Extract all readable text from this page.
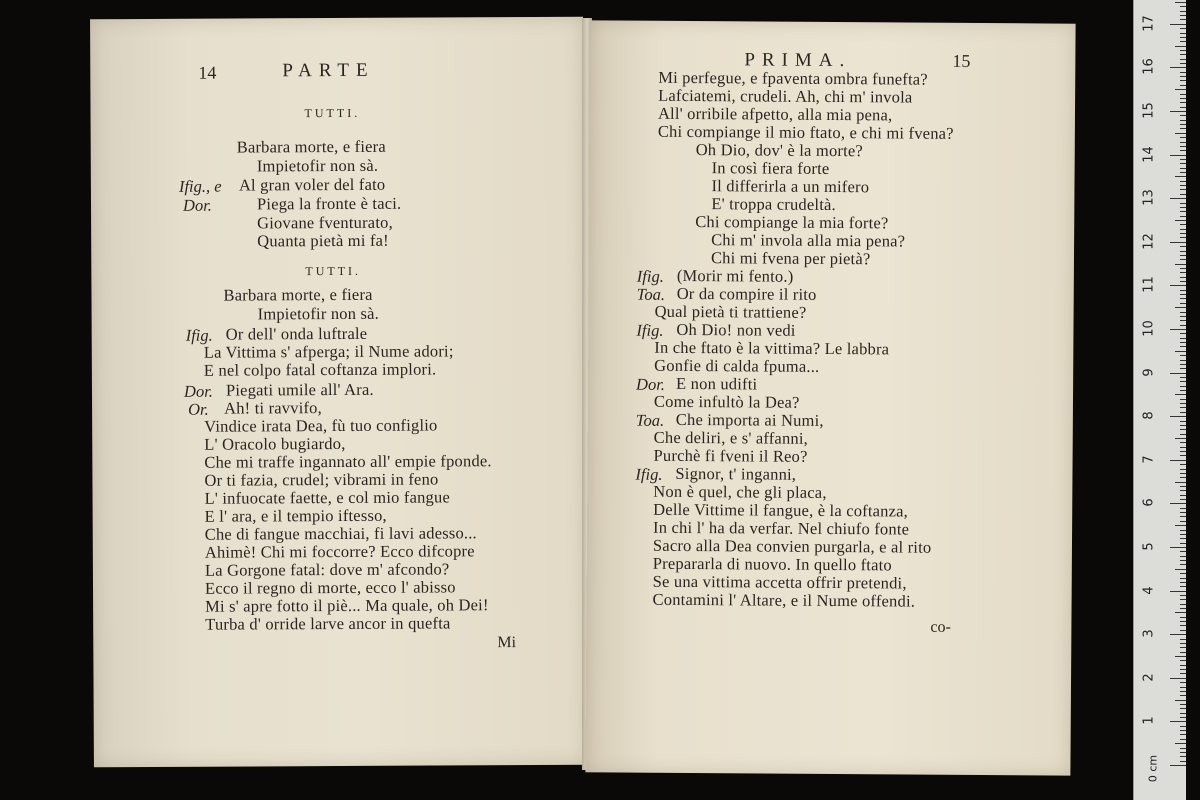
14	PARTE
TUTTI.
Barbara morte, e fiera
Impietofir non sà.
Ifig., e Al gran voler del fato
Dor.	Piega la fronte è taci.
Giovane fventurato,
Quanta pietà mi fa!
TUTTI.
Barbara morte, e fiera
Impietofir non sà.
Ifig. Or dell' onda luftrale
La Vittima s' afperga; il Nume adori;
E nel colpo fatal coftanza implori.
Dor. Piegati umile all' Ara.
Or. Ah! ti ravvifo,
Vindice irata Dea, fù tuo configlio
L' Oracolo bugiardo,
Che mi traffe ingannato all' empie fponde.
Or ti fazia, crudel; vibrami in feno
L' infuocate faette, e col mio fangue
E l' ara, e il tempio iftesso,
Che di fangue macchiai, fi lavi adesso...
Ahimè! Chi mi foccorre? Ecco difcopre
La Gorgone fatal: dove m' afcondo?
Ecco il regno di morte, ecco l' abisso
Mi s' apre fotto il piè... Ma quale, oh Dei!
Turba d' orride larve ancor in quefta
Mi
PRIMA.	15
Mi perfegue, e fpaventa ombra funefta?
Lafciatemi, crudeli. Ah, chi m' invola
All' orribile afpetto, alla mia pena,
Chi compiange il mio ftato, e chi mi fvena?
Oh Dio, dov' è la morte?
In così fiera forte
Il differirla a un mifero
E' troppa crudeltà.
Chi compiange la mia forte?
Chi m' invola alla mia pena?
Chi mi fvena per pietà?
Ifig. (Morir mi fento.)
Toa. Or da compire il rito
Qual pietà ti trattiene?
Ifig. Oh Dio! non vedi
In che ftato è la vittima? Le labbra
Gonfie di calda fpuma...
Dor. E non udifti
Come infultò la Dea?
Toa. Che importa ai Numi,
Che deliri, e s' affanni,
Purchè fi fveni il Reo?
Ifig. Signor, t' inganni,
Non è quel, che gli placa,
Delle Vittime il fangue, è la coftanza,
In chi l' ha da verfar. Nel chiufo fonte
Sacro alla Dea convien purgarla, e al rito
Prepararla di nuovo. In quello ftato
Se una vittima accetta offrir pretendi,
Contamini l' Altare, e il Nume offendi.
co-
0 cm
1
2
3
4
5
6
7
8
9
10
11
12
13
14
15
16
17
